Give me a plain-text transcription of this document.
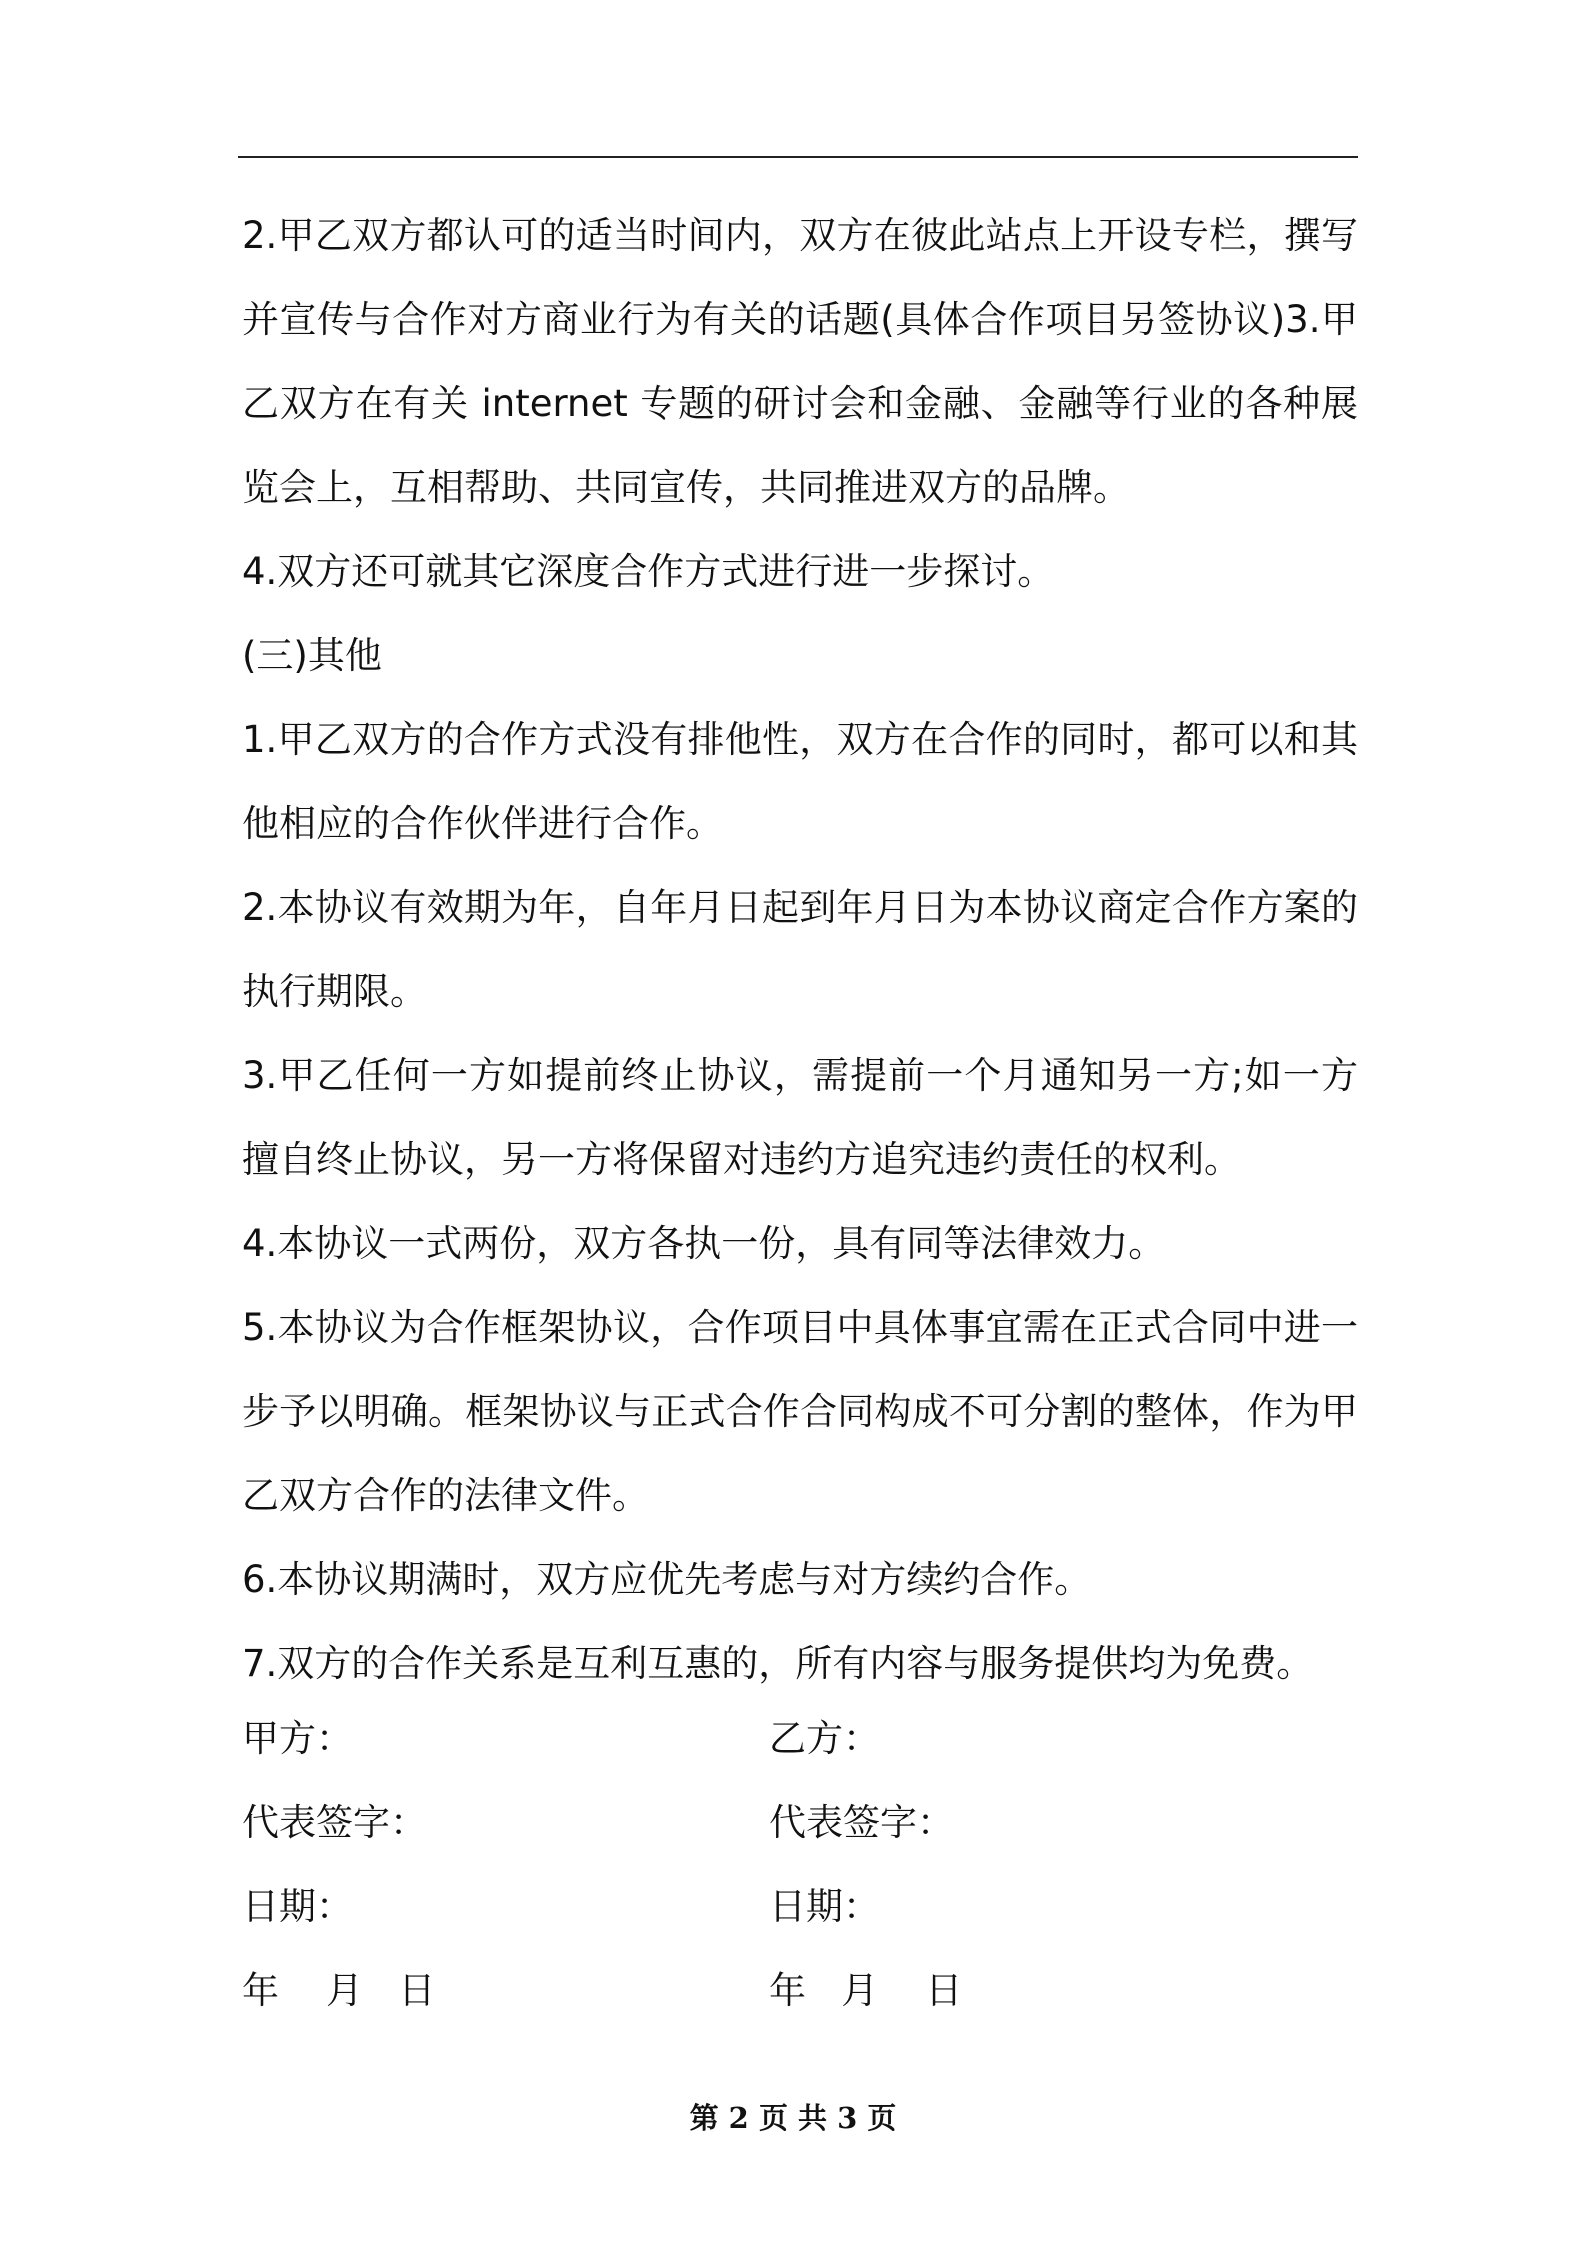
2.甲乙双方都认可的适当时间内，双方在彼此站点上开设专栏，撰写并宣传与合作对方商业行为有关的话题(具体合作项目另签协议)3.甲乙双方在有关 internet 专题的研讨会和金融、金融等行业的各种展览会上，互相帮助、共同宣传，共同推进双方的品牌。

4.双方还可就其它深度合作方式进行进一步探讨。

(三)其他

1.甲乙双方的合作方式没有排他性，双方在合作的同时，都可以和其他相应的合作伙伴进行合作。

2.本协议有效期为年，自年月日起到年月日为本协议商定合作方案的执行期限。

3.甲乙任何一方如提前终止协议，需提前一个月通知另一方;如一方擅自终止协议，另一方将保留对违约方追究违约责任的权利。

4.本协议一式两份，双方各执一份，具有同等法律效力。

5.本协议为合作框架协议，合作项目中具体事宜需在正式合同中进一步予以明确。框架协议与正式合作合同构成不可分割的整体，作为甲乙双方合作的法律文件。

6.本协议期满时，双方应优先考虑与对方续约合作。

7.双方的合作关系是互利互惠的，所有内容与服务提供均为免费。

甲方：	乙方：
代表签字：	代表签字：
日期：	日期：
年    月   日	年   月    日
第 2 页 共 3 页
